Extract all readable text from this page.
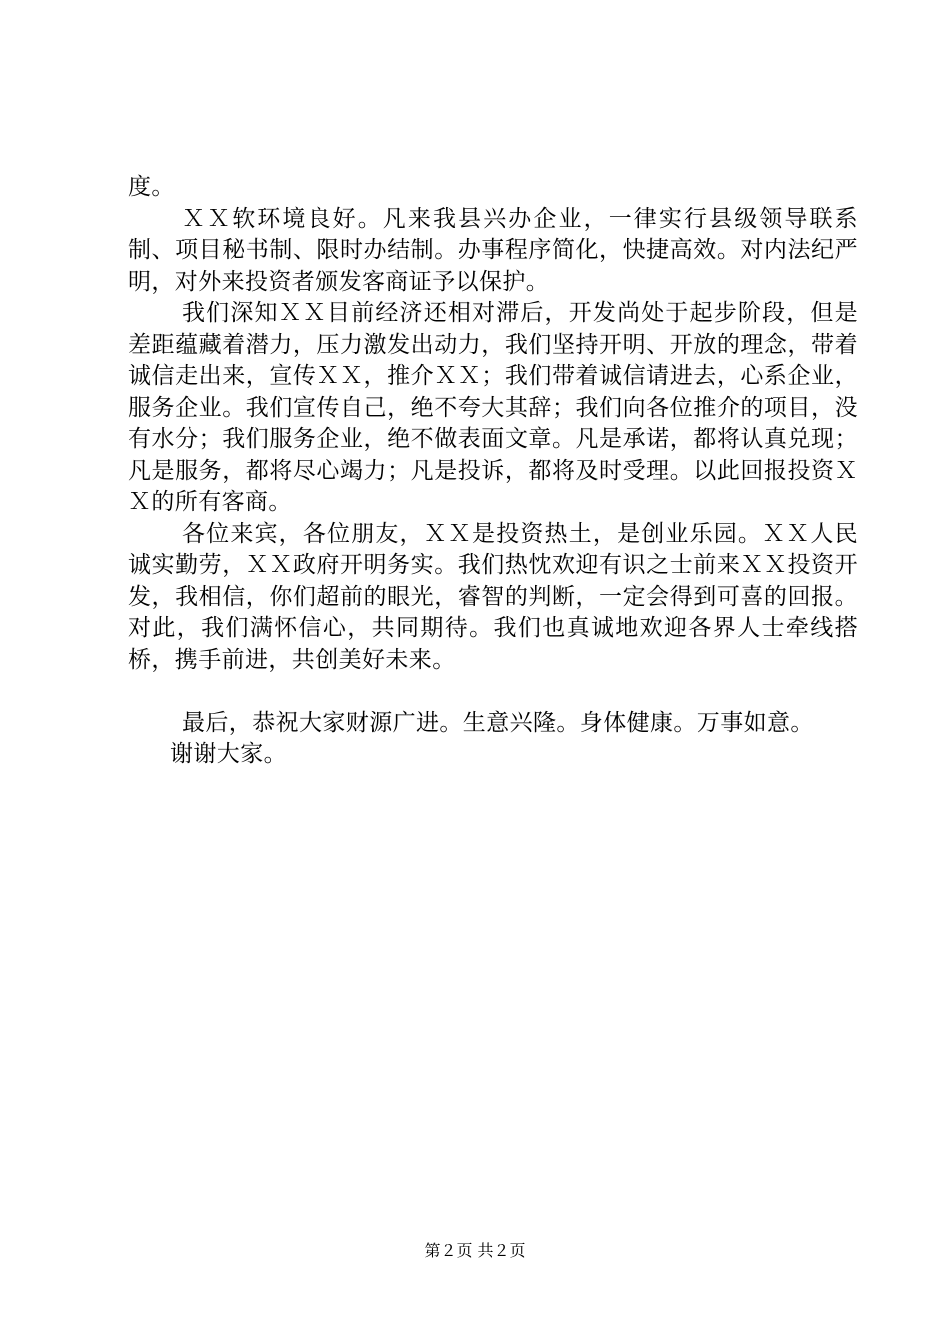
度。

ＸＸ软环境良好。凡来我县兴办企业，一律实行县级领导联系制、项目秘书制、限时办结制。办事程序简化，快捷高效。对内法纪严明，对外来投资者颁发客商证予以保护。

我们深知ＸＸ目前经济还相对滞后，开发尚处于起步阶段，但是差距蕴藏着潜力，压力激发出动力，我们坚持开明、开放的理念，带着诚信走出来，宣传ＸＸ，推介ＸＸ；我们带着诚信请进去，心系企业，服务企业。我们宣传自己，绝不夸大其辞；我们向各位推介的项目，没有水分；我们服务企业，绝不做表面文章。凡是承诺，都将认真兑现；凡是服务，都将尽心竭力；凡是投诉，都将及时受理。以此回报投资ＸＸ的所有客商。

各位来宾，各位朋友，ＸＸ是投资热土，是创业乐园。ＸＸ人民诚实勤劳，ＸＸ政府开明务实。我们热忱欢迎有识之士前来ＸＸ投资开发，我相信，你们超前的眼光，睿智的判断，一定会得到可喜的回报。对此，我们满怀信心，共同期待。我们也真诚地欢迎各界人士牵线搭桥，携手前进，共创美好未来。

最后，恭祝大家财源广进。生意兴隆。身体健康。万事如意。

谢谢大家。

第２页 共２页
